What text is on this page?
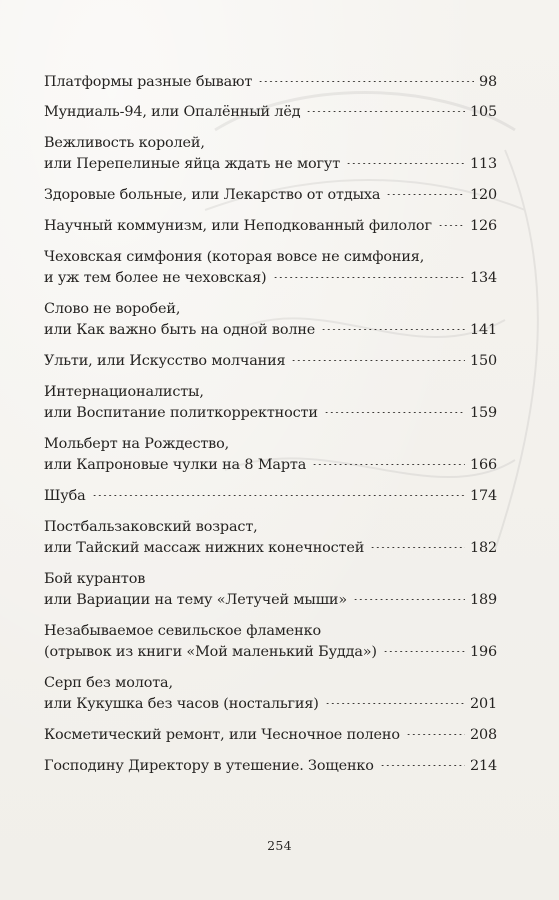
Платформы разные бывают	98
Мундиаль-94, или Опалённый лёд	105
Вежливость королей,
или Перепелиные яйца ждать не могут	113
Здоровые больные, или Лекарство от отдыха	120
Научный коммунизм, или Неподкованный филолог	126
Чеховская симфония (которая вовсе не симфония,
и уж тем более не чеховская)	134
Слово не воробей,
или Как важно быть на одной волне	141
Ульти, или Искусство молчания	150
Интернационалисты,
или Воспитание политкорректности	159
Мольберт на Рождество,
или Капроновые чулки на 8 Марта	166
Шуба	174
Постбальзаковский возраст,
или Тайский массаж нижних конечностей	182
Бой курантов
или Вариации на тему «Летучей мыши»	189
Незабываемое севильское фламенко
(отрывок из книги «Мой маленький Будда»)	196
Серп без молота,
или Кукушка без часов (ностальгия)	201
Косметический ремонт, или Чесночное полено	208
Господину Директору в утешение. Зощенко	214
254
